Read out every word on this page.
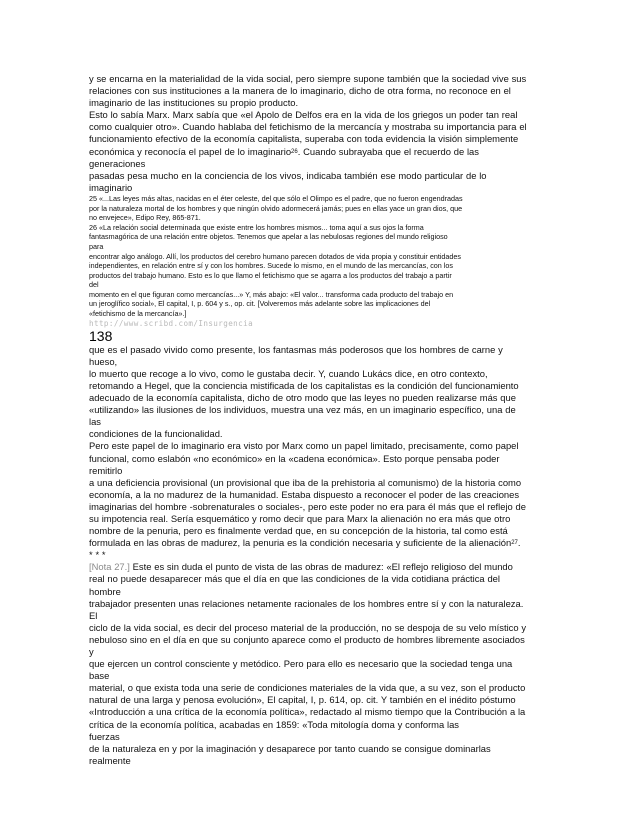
y se encarna en la materialidad de la vida social, pero siempre supone también que la sociedad vive sus

relaciones con sus instituciones a la manera de lo imaginario, dicho de otra forma, no reconoce en el

imaginario de las instituciones su propio producto.

Esto lo sabía Marx. Marx sabía que «el Apolo de Delfos era en la vida de los griegos un poder tan real

como cualquier otro». Cuando hablaba del fetichismo de la mercancía y mostraba su importancia para el

funcionamiento efectivo de la economía capitalista, superaba con toda evidencia la visión simplemente

económica y reconocía el papel de lo imaginario$^{26}$. Cuando subrayaba que el recuerdo de las

generaciones

pasadas pesa mucho en la conciencia de los vivos, indicaba también ese modo particular de lo

imaginario

25 «...Las leyes más altas, nacidas en el éter celeste, del que sólo el Olimpo es el padre, que no fueron engendradas

por la naturaleza mortal de los hombres y que ningún olvido adormecerá jamás; pues en ellas yace un gran dios, que

no envejece», Edipo Rey, 865-871.

26 «La relación social determinada que existe entre los hombres mismos... toma aquí a sus ojos la forma

fantasmagórica de una relación entre objetos. Tenemos que apelar a las nebulosas regiones del mundo religioso

para

encontrar algo análogo. Allí, los productos del cerebro humano parecen dotados de vida propia y constituir entidades

independientes, en relación entre sí y con los hombres. Sucede lo mismo, en el mundo de las mercancías, con los

productos del trabajo humano. Esto es lo que llamo el fetichismo que se agarra a los productos del trabajo a partir

del

momento en el que figuran como mercancías...» Y, más abajo: «El valor... transforma cada producto del trabajo en

un jeroglífico social», El capital, I, p. 604 y s., op. cit. [Volveremos más adelante sobre las implicaciones del

«fetichismo de la mercancía».]

http://www.scribd.com/Insurgencia

138

que es el pasado vivido como presente, los fantasmas más poderosos que los hombres de carne y

hueso,

lo muerto que recoge a lo vivo, como le gustaba decir. Y, cuando Lukács dice, en otro contexto,

retomando a Hegel, que la conciencia mistificada de los capitalistas es la condición del funcionamiento

adecuado de la economía capitalista, dicho de otro modo que las leyes no pueden realizarse más que

«utilizando» las ilusiones de los individuos, muestra una vez más, en un imaginario específico, una de

las

condiciones de la funcionalidad.

Pero este papel de lo imaginario era visto por Marx como un papel limitado, precisamente, como papel

funcional, como eslabón «no económico» en la «cadena económica». Esto porque pensaba poder

remitirlo

a una deficiencia provisional (un provisional que iba de la prehistoria al comunismo) de la historia como

economía, a la no madurez de la humanidad. Estaba dispuesto a reconocer el poder de las creaciones

imaginarias del hombre -sobrenaturales o sociales-, pero este poder no era para él más que el reflejo de

su impotencia real. Sería esquemático y romo decir que para Marx la alienación no era más que otro

nombre de la penuria, pero es finalmente verdad que, en su concepción de la historia, tal como está

formulada en las obras de madurez, la penuria es la condición necesaria y suficiente de la alienación$^{27}$.

* * *

[Nota 27.] Este es sin duda el punto de vista de las obras de madurez: «El reflejo religioso del mundo

real no puede desaparecer más que el día en que las condiciones de la vida cotidiana práctica del

hombre

trabajador presenten unas relaciones netamente racionales de los hombres entre sí y con la naturaleza.

El

ciclo de la vida social, es decir del proceso material de la producción, no se despoja de su velo místico y

nebuloso sino en el día en que su conjunto aparece como el producto de hombres libremente asociados

y

que ejercen un control consciente y metódico. Pero para ello es necesario que la sociedad tenga una

base

material, o que exista toda una serie de condiciones materiales de la vida que, a su vez, son el producto

natural de una larga y penosa evolución», El capital, I, p. 614, op. cit. Y también en el inédito póstumo

«Introducción a una crítica de la economía política», redactado al mismo tiempo que la Contribución a la

crítica de la economía política, acabadas en 1859: «Toda mitología doma y conforma las

fuerzas

de la naturaleza en y por la imaginación y desaparece por tanto cuando se consigue dominarlas

realmente
